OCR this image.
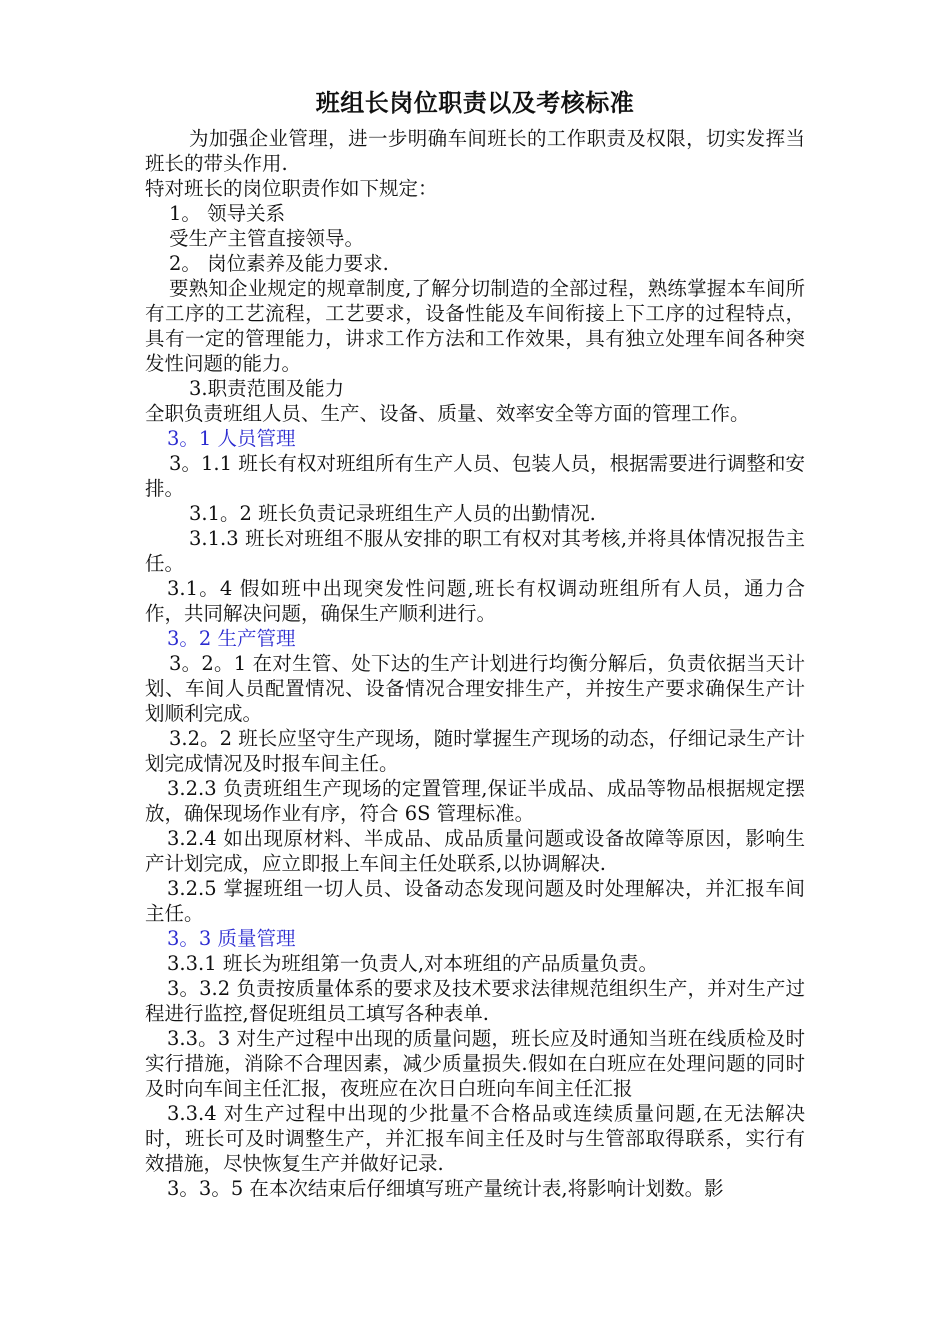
班组长岗位职责以及考核标准

为加强企业管理，进一步明确车间班长的工作职责及权限，切实发挥当班长的带头作用.

特对班长的岗位职责作如下规定：

1。 领导关系

受生产主管直接领导。

2。 岗位素养及能力要求.

要熟知企业规定的规章制度,了解分切制造的全部过程，熟练掌握本车间所有工序的工艺流程，工艺要求，设备性能及车间衔接上下工序的过程特点，具有一定的管理能力，讲求工作方法和工作效果，具有独立处理车间各种突发性问题的能力。

3.职责范围及能力

全职负责班组人员、生产、设备、质量、效率安全等方面的管理工作。

3。1 人员管理

3。1.1 班长有权对班组所有生产人员、包装人员，根据需要进行调整和安排。

3.1。2 班长负责记录班组生产人员的出勤情况.

3.1.3 班长对班组不服从安排的职工有权对其考核,并将具体情况报告主任。

3.1。4 假如班中出现突发性问题,班长有权调动班组所有人员，通力合作，共同解决问题，确保生产顺利进行。

3。2 生产管理

3。2。1 在对生管、处下达的生产计划进行均衡分解后，负责依据当天计划、车间人员配置情况、设备情况合理安排生产，并按生产要求确保生产计划顺利完成。

3.2。2 班长应坚守生产现场，随时掌握生产现场的动态，仔细记录生产计划完成情况及时报车间主任。

3.2.3 负责班组生产现场的定置管理,保证半成品、成品等物品根据规定摆放，确保现场作业有序，符合 6S 管理标准。

3.2.4 如出现原材料、半成品、成品质量问题或设备故障等原因，影响生产计划完成，应立即报上车间主任处联系,以协调解决.

3.2.5 掌握班组一切人员、设备动态发现问题及时处理解决，并汇报车间主任。

3。3 质量管理

3.3.1 班长为班组第一负责人,对本班组的产品质量负责。

3。3.2 负责按质量体系的要求及技术要求法律规范组织生产，并对生产过程进行监控,督促班组员工填写各种表单.

3.3。3 对生产过程中出现的质量问题，班长应及时通知当班在线质检及时实行措施，消除不合理因素，减少质量损失.假如在白班应在处理问题的同时及时向车间主任汇报，夜班应在次日白班向车间主任汇报

3.3.4 对生产过程中出现的少批量不合格品或连续质量问题,在无法解决时，班长可及时调整生产，并汇报车间主任及时与生管部取得联系，实行有效措施，尽快恢复生产并做好记录.

3。3。5 在本次结束后仔细填写班产量统计表,将影响计划数。影
